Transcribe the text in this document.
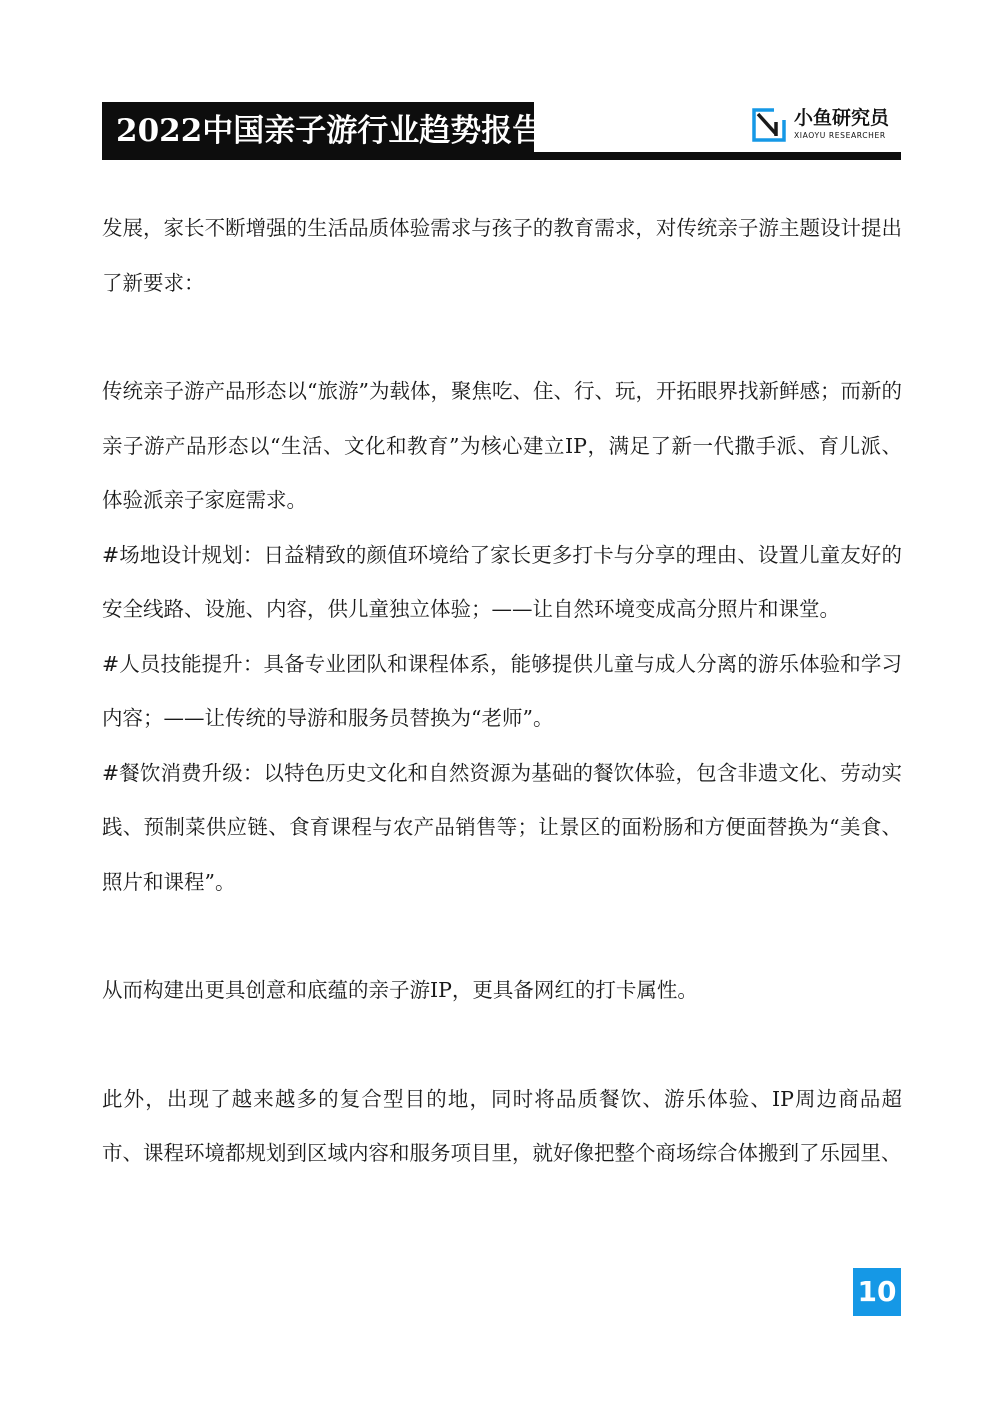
2022中国亲子游行业趋势报告	小鱼研究员
XIAOYU RESEARCHER

发展，家长不断增强的生活品质体验需求与孩子的教育需求，对传统亲子游主题设计提出了新要求：

传统亲子游产品形态以“旅游”为载体，聚焦吃、住、行、玩，开拓眼界找新鲜感；而新的亲子游产品形态以“生活、文化和教育”为核心建立IP，满足了新一代撒手派、育儿派、体验派亲子家庭需求。

#场地设计规划：日益精致的颜值环境给了家长更多打卡与分享的理由、设置儿童友好的安全线路、设施、内容，供儿童独立体验；——让自然环境变成高分照片和课堂。

#人员技能提升：具备专业团队和课程体系，能够提供儿童与成人分离的游乐体验和学习内容；——让传统的导游和服务员替换为“老师”。

#餐饮消费升级：以特色历史文化和自然资源为基础的餐饮体验，包含非遗文化、劳动实践、预制菜供应链、食育课程与农产品销售等；让景区的面粉肠和方便面替换为“美食、照片和课程”。

从而构建出更具创意和底蕴的亲子游IP，更具备网红的打卡属性。

此外，出现了越来越多的复合型目的地，同时将品质餐饮、游乐体验、IP周边商品超市、课程环境都规划到区域内容和服务项目里，就好像把整个商场综合体搬到了乐园里、

10
